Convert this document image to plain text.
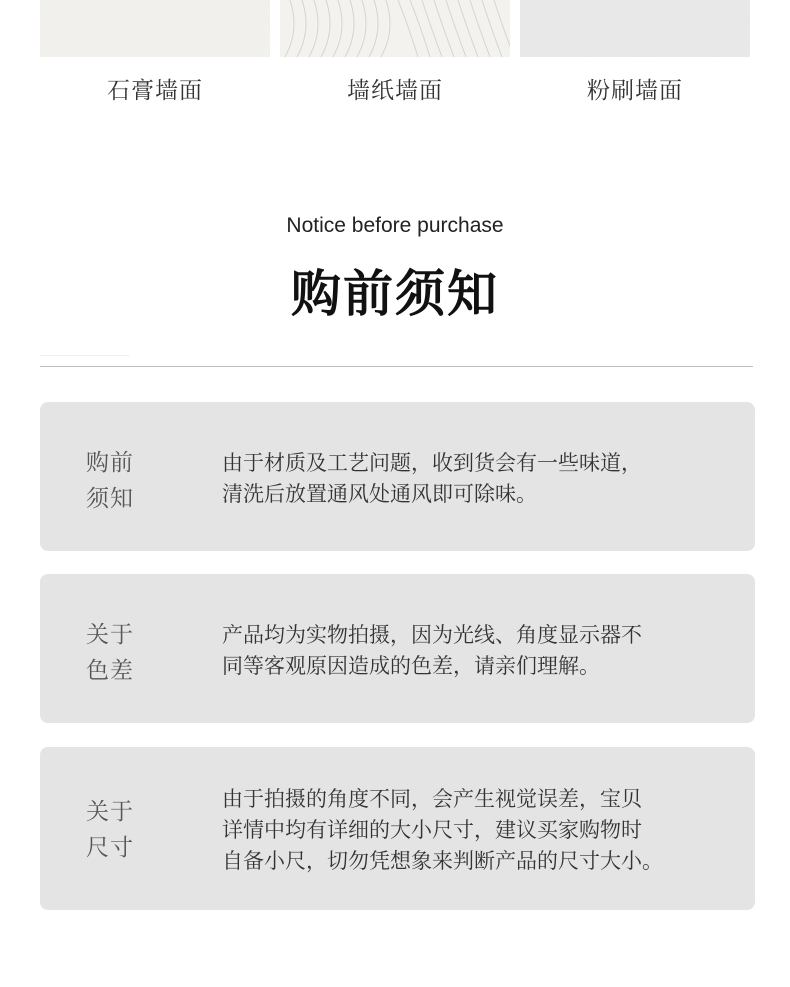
石膏墙面	墙纸墙面	粉刷墙面
Notice before purchase
购前须知
购前
须知
由于材质及工艺问题，收到货会有一些味道，
清洗后放置通风处通风即可除味。
关于
色差
产品均为实物拍摄，因为光线、角度显示器不
同等客观原因造成的色差，请亲们理解。
关于
尺寸
由于拍摄的角度不同，会产生视觉误差，宝贝
详情中均有详细的大小尺寸，建议买家购物时
自备小尺，切勿凭想象来判断产品的尺寸大小。
